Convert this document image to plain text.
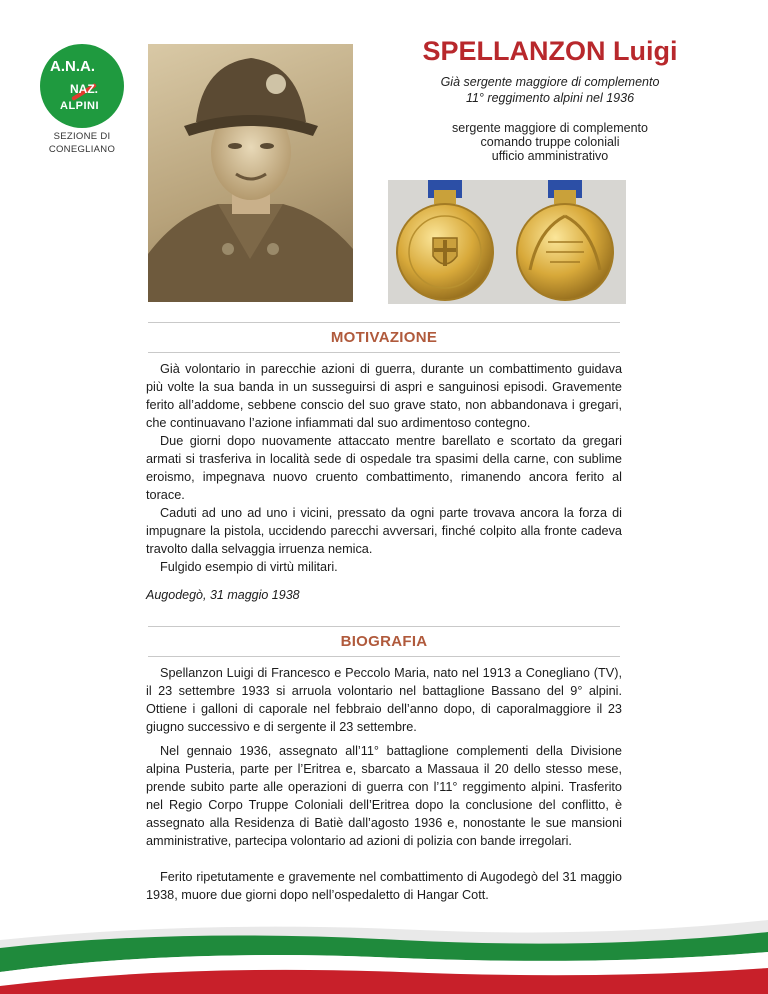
A.N.A.
NAZ.
ALPINI
SEZIONE DI
CONEGLIANO
SPELLANZON Luigi
Già sergente maggiore di complemento
11° reggimento alpini nel 1936
sergente maggiore di complemento
comando truppe coloniali
ufficio amministrativo
MOTIVAZIONE

Già volontario in parecchie azioni di guerra, durante un combattimento guidava più volte la sua banda in un susseguirsi di aspri e sanguinosi episodi. Gravemente ferito all’addome, sebbene conscio del suo grave stato, non abbandonava i gregari, che continuavano l’azione infiammati dal suo ardimentoso contegno.

Due giorni dopo nuovamente attaccato mentre barellato e scortato da gregari armati si trasferiva in località sede di ospedale tra spasimi della carne, con sublime eroismo, impegnava nuovo cruento combattimento, rimanendo ancora ferito al torace.

Caduti ad uno ad uno i vicini, pressato da ogni parte trovava ancora la forza di impugnare la pistola, uccidendo parecchi avversari, finché colpito alla fronte cadeva travolto dalla selvaggia irruenza nemica.

Fulgido esempio di virtù militari.

Augodegò, 31 maggio 1938
BIOGRAFIA

Spellanzon Luigi di Francesco e Peccolo Maria, nato nel 1913 a Conegliano (TV), il 23 settembre 1933 si arruola volontario nel battaglione Bassano del 9° alpini. Ottiene i galloni di caporale nel febbraio dell’anno dopo, di caporalmaggiore il 23 giugno successivo e di sergente il 23 settembre.

Nel gennaio 1936, assegnato all’11° battaglione complementi della Divisione alpina Pusteria, parte per l’Eritrea e, sbarcato a Massaua il 20 dello stesso mese, prende subito parte alle operazioni di guerra con l’11° reggimento alpini. Trasferito nel Regio Corpo Truppe Coloniali dell’Eritrea dopo la conclusione del conflitto, è assegnato alla Residenza di Batiè dall’agosto 1936 e, nonostante le sue mansioni amministrative, partecipa volontario ad azioni di polizia con bande irregolari.

Ferito ripetutamente e gravemente nel combattimento di Augodegò del 31 maggio 1938, muore due giorni dopo nell’ospedaletto di Hangar Cott.
